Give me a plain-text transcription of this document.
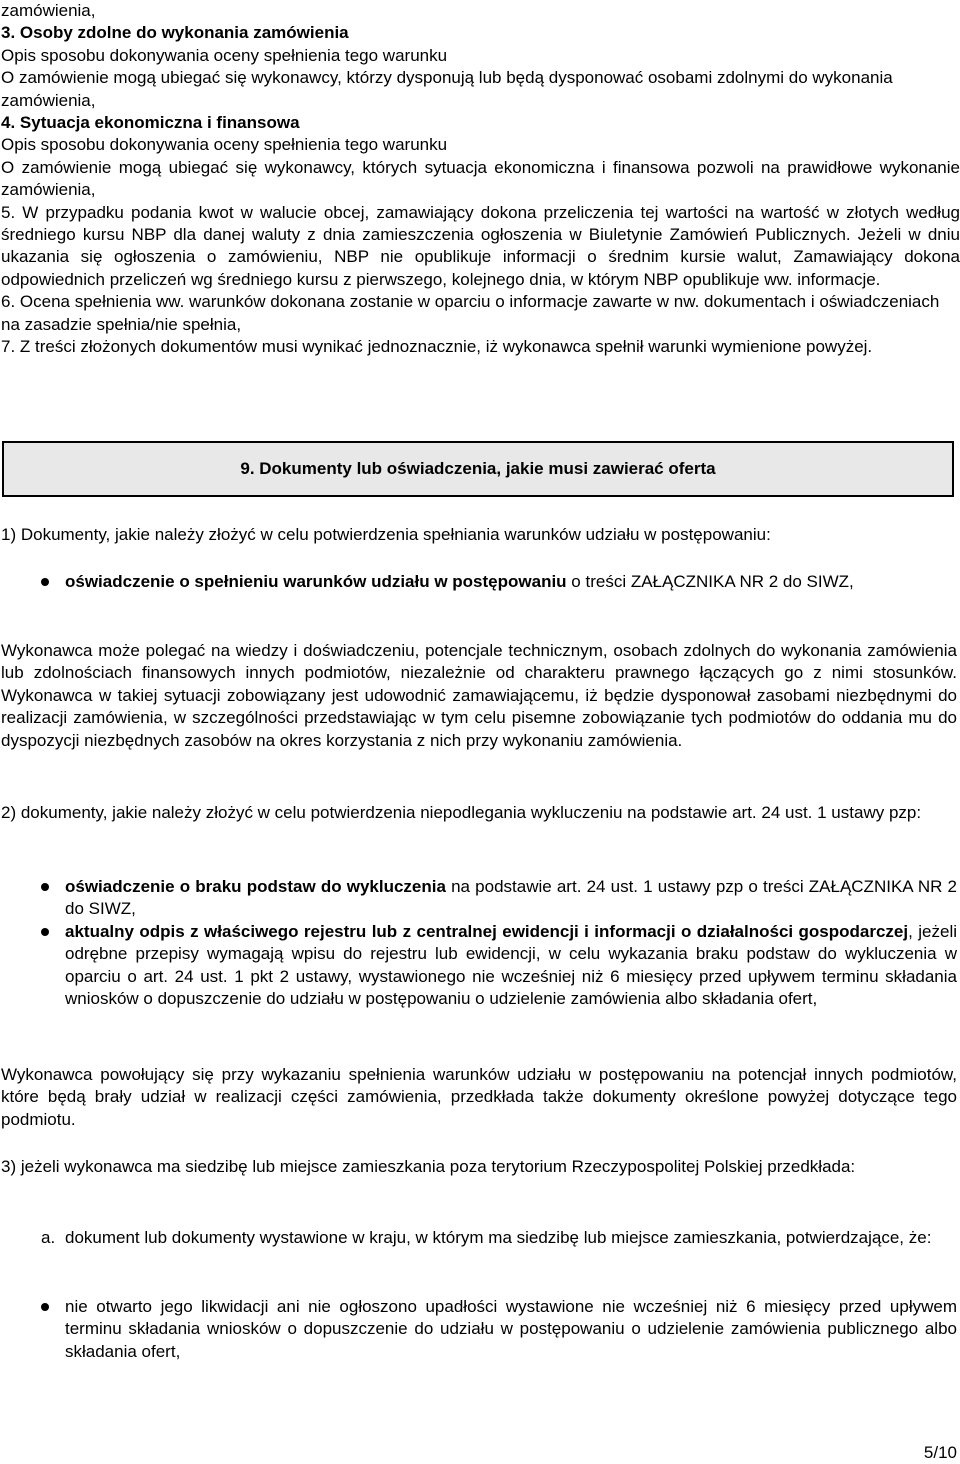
zamówienia,

3. Osoby zdolne do wykonania zamówienia

Opis sposobu dokonywania oceny spełnienia tego warunku

O zamówienie mogą ubiegać się wykonawcy, którzy dysponują lub będą dysponować osobami zdolnymi do wykonania zamówienia,

4. Sytuacja ekonomiczna i finansowa

Opis sposobu dokonywania oceny spełnienia tego warunku

O zamówienie mogą ubiegać się wykonawcy, których sytuacja ekonomiczna i finansowa pozwoli na prawidłowe wykonanie zamówienia,

5. W przypadku podania kwot w walucie obcej, zamawiający dokona przeliczenia tej wartości na wartość w złotych według średniego kursu NBP dla danej waluty z dnia zamieszczenia ogłoszenia w Biuletynie Zamówień Publicznych. Jeżeli w dniu ukazania się ogłoszenia o zamówieniu, NBP nie opublikuje informacji o średnim kursie walut, Zamawiający dokona odpowiednich przeliczeń wg średniego kursu z pierwszego, kolejnego dnia, w którym NBP opublikuje ww. informacje.

6. Ocena spełnienia ww. warunków dokonana zostanie w oparciu o informacje zawarte w nw. dokumentach i oświadczeniach na zasadzie spełnia/nie spełnia,

7. Z treści złożonych dokumentów musi wynikać jednoznacznie, iż wykonawca spełnił warunki wymienione powyżej.

9. Dokumenty lub oświadczenia, jakie musi zawierać oferta

1) Dokumenty, jakie należy złożyć w celu potwierdzenia spełniania warunków udziału w postępowaniu:

oświadczenie o spełnieniu warunków udziału w postępowaniu o treści ZAŁĄCZNIKA NR 2 do SIWZ,

Wykonawca może polegać na wiedzy i doświadczeniu, potencjale technicznym, osobach zdolnych do wykonania zamówienia lub zdolnościach finansowych innych podmiotów, niezależnie od charakteru prawnego łączących go z nimi stosunków. Wykonawca w takiej sytuacji zobowiązany jest udowodnić zamawiającemu, iż będzie dysponował zasobami niezbędnymi do realizacji zamówienia, w szczególności przedstawiając w tym celu pisemne zobowiązanie tych podmiotów do oddania mu do dyspozycji niezbędnych zasobów na okres korzystania z nich przy wykonaniu zamówienia.

2) dokumenty, jakie należy złożyć w celu potwierdzenia niepodlegania wykluczeniu na podstawie art. 24 ust. 1 ustawy pzp:

oświadczenie o braku podstaw do wykluczenia na podstawie art. 24 ust. 1 ustawy pzp o treści ZAŁĄCZNIKA NR 2 do SIWZ,
aktualny odpis z właściwego rejestru lub z centralnej ewidencji i informacji o działalności gospodarczej, jeżeli odrębne przepisy wymagają wpisu do rejestru lub ewidencji, w celu wykazania braku podstaw do wykluczenia w oparciu o art. 24 ust. 1 pkt 2 ustawy, wystawionego nie wcześniej niż 6 miesięcy przed upływem terminu składania wniosków o dopuszczenie do udziału w postępowaniu o udzielenie zamówienia albo składania ofert,

Wykonawca powołujący się przy wykazaniu spełnienia warunków udziału w postępowaniu na potencjał innych podmiotów, które będą brały udział w realizacji części zamówienia, przedkłada także dokumenty określone powyżej dotyczące tego podmiotu.

3) jeżeli wykonawca ma siedzibę lub miejsce zamieszkania poza terytorium Rzeczypospolitej Polskiej przedkłada:

a. dokument lub dokumenty wystawione w kraju, w którym ma siedzibę lub miejsce zamieszkania, potwierdzające, że:

nie otwarto jego likwidacji ani nie ogłoszono upadłości wystawione nie wcześniej niż 6 miesięcy przed upływem terminu składania wniosków o dopuszczenie do udziału w postępowaniu o udzielenie zamówienia publicznego albo składania ofert,
5/10
